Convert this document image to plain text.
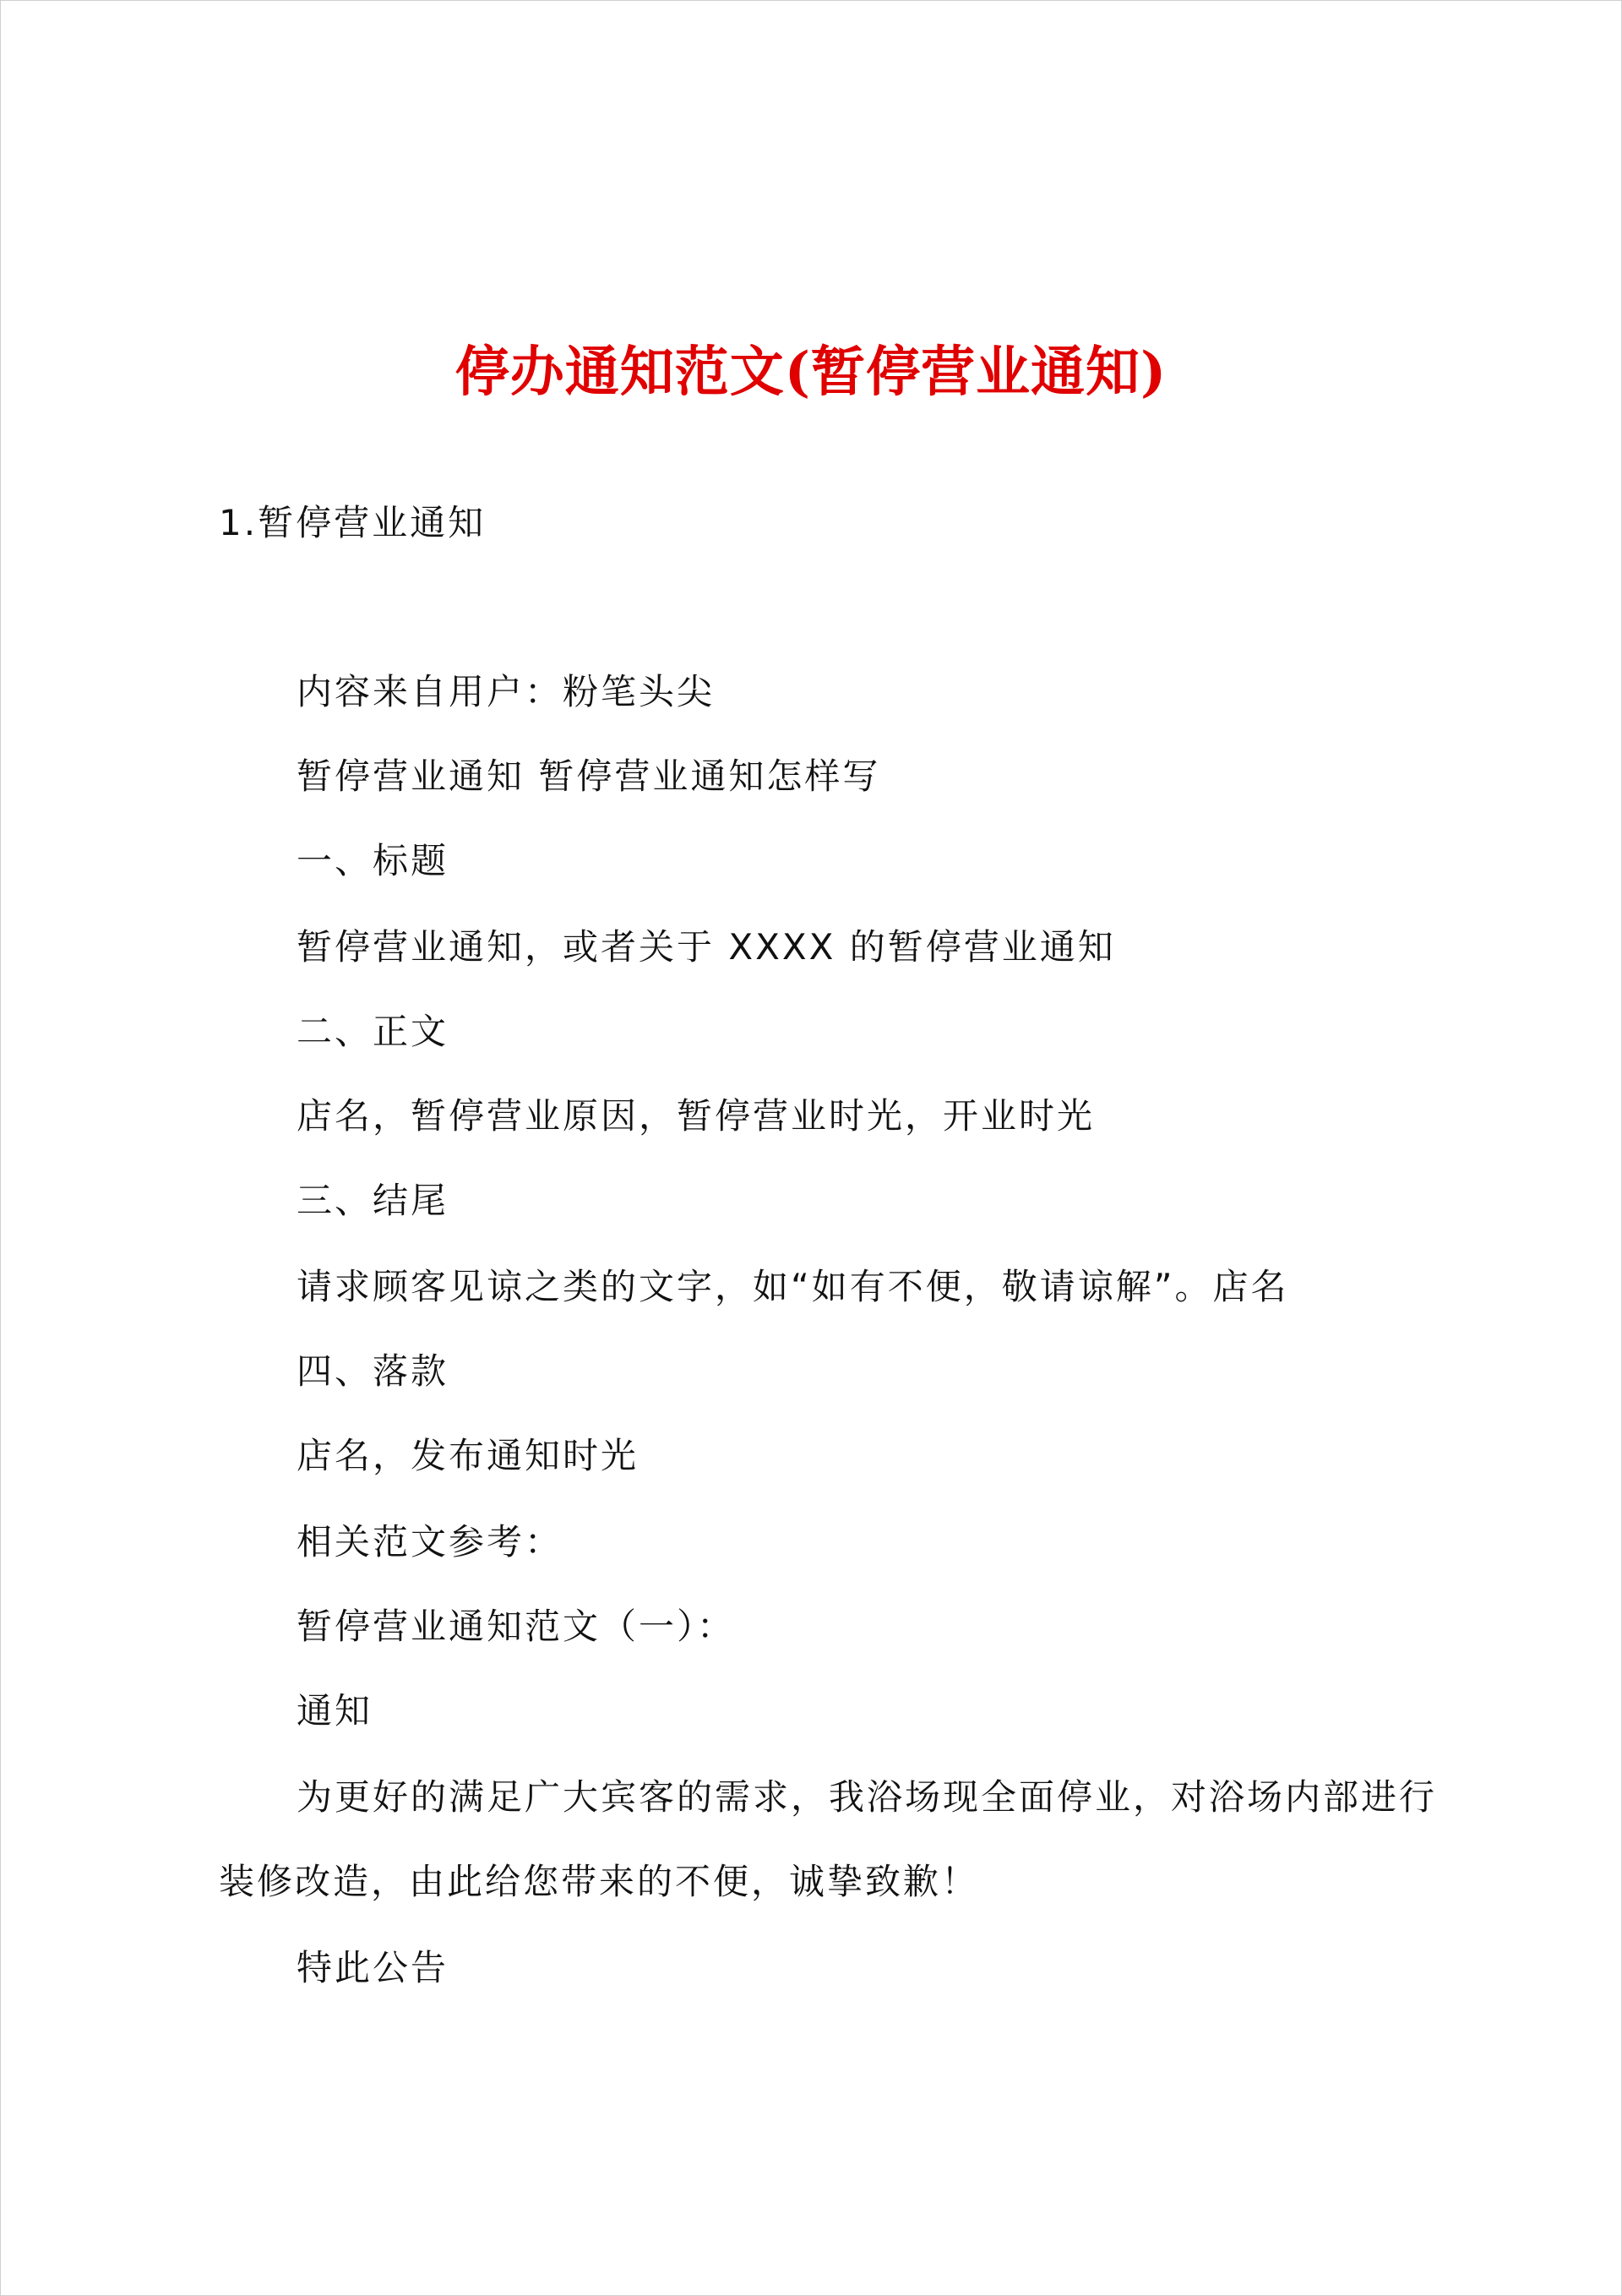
停办通知范文(暂停营业通知)
1.暂停营业通知
内容来自用户：粉笔头尖
暂停营业通知 暂停营业通知怎样写
一、标题
暂停营业通知，或者关于 XXXX 的暂停营业通知
二、正文
店名，暂停营业原因，暂停营业时光，开业时光
三、结尾
请求顾客见谅之类的文字，如“如有不便，敬请谅解”。店名
四、落款
店名，发布通知时光
相关范文参考：
暂停营业通知范文（一）：
通知
为更好的满足广大宾客的需求，我浴场现全面停业，对浴场内部进行
装修改造，由此给您带来的不便，诚挚致歉！
特此公告
